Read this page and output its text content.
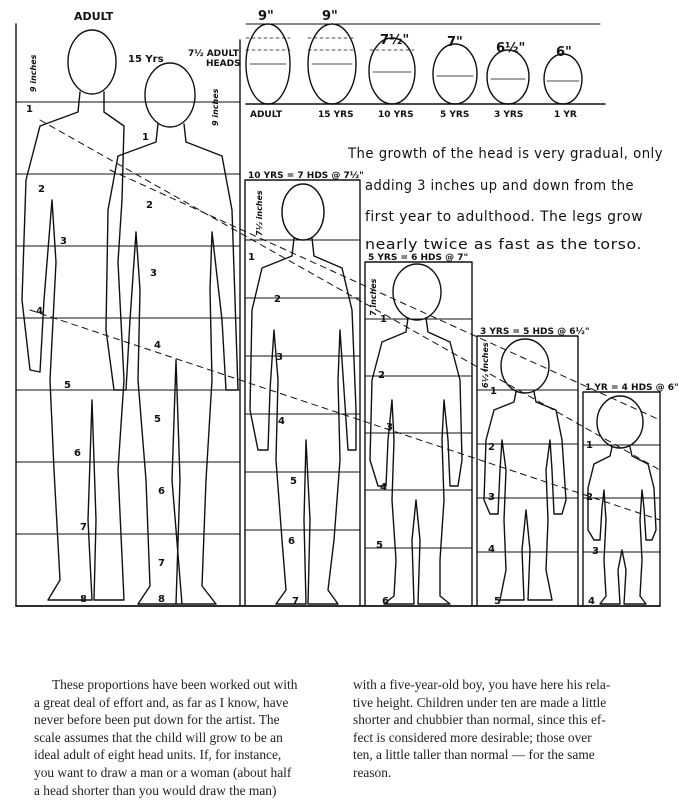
1
2
3
4
5
6
7
8
1
2
3
4
5
6
7
8
1
2
3
4
5
6
7
1
2
3
4
5
6
1
2
3
4
5
1
2
3
4
ADULT
15 Yrs	7½ ADULT
HEADS
10 YRS = 7 HDS @ 7½"
5 YRS = 6 HDS @ 7"
3 YRS = 5 HDS @ 6½"
1 YR = 4 HDS @ 6"
9 inches
9 inches
7½ inches
7 inches
6½ inches
9"	9"
7½"	7"	6½" 6"
ADULT	15 YRS	10 YRS	5 YRS	3 YRS	1 YR
The growth of the head is very gradual, only
adding 3 inches up and down from the
first year to adulthood. The legs grow
nearly twice as fast as the torso.
These proportions have been worked out with
a great deal of effort and, as far as I know, have
never before been put down for the artist. The
scale assumes that the child will grow to be an
ideal adult of eight head units. If, for instance,
you want to draw a man or a woman (about half
a head shorter than you would draw the man)
with a five-year-old boy, you have here his rela-
tive height. Children under ten are made a little
shorter and chubbier than normal, since this ef-
fect is considered more desirable; those over
ten, a little taller than normal — for the same
reason.
